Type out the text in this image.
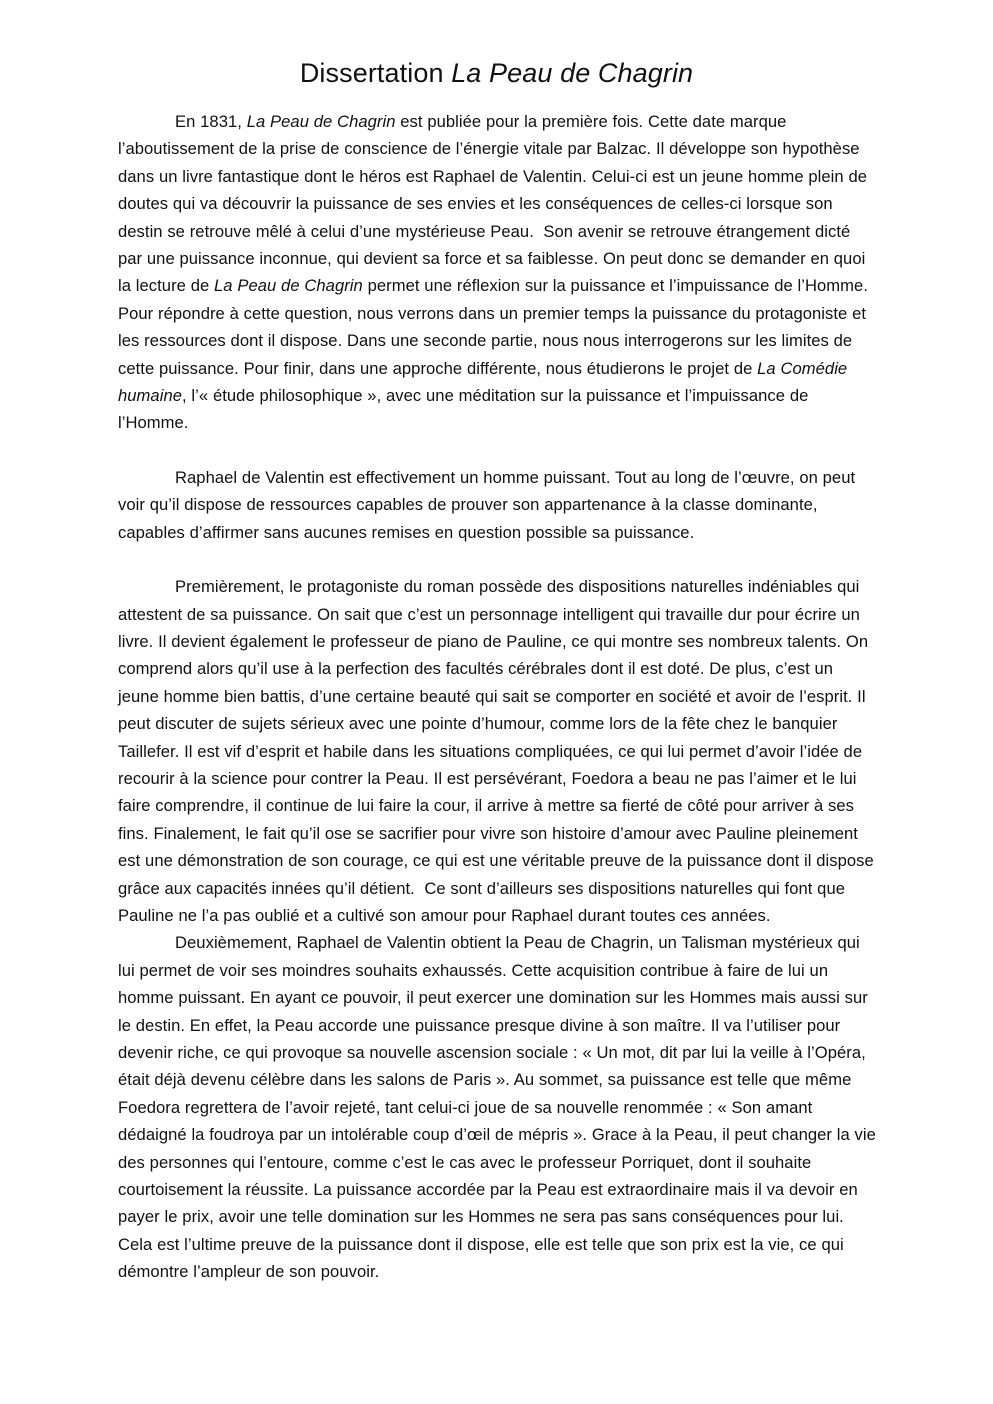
Dissertation La Peau de Chagrin

En 1831, La Peau de Chagrin est publiée pour la première fois. Cette date marque l’aboutissement de la prise de conscience de l’énergie vitale par Balzac. Il développe son hypothèse dans un livre fantastique dont le héros est Raphael de Valentin. Celui-ci est un jeune homme plein de doutes qui va découvrir la puissance de ses envies et les conséquences de celles-ci lorsque son destin se retrouve mêlé à celui d’une mystérieuse Peau.  Son avenir se retrouve étrangement dicté par une puissance inconnue, qui devient sa force et sa faiblesse. On peut donc se demander en quoi la lecture de La Peau de Chagrin permet une réflexion sur la puissance et l’impuissance de l’Homme. Pour répondre à cette question, nous verrons dans un premier temps la puissance du protagoniste et les ressources dont il dispose. Dans une seconde partie, nous nous interrogerons sur les limites de cette puissance. Pour finir, dans une approche différente, nous étudierons le projet de La Comédie humaine, l’« étude philosophique », avec une méditation sur la puissance et l’impuissance de l’Homme.

Raphael de Valentin est effectivement un homme puissant. Tout au long de l’œuvre, on peut voir qu’il dispose de ressources capables de prouver son appartenance à la classe dominante, capables d’affirmer sans aucunes remises en question possible sa puissance.

Premièrement, le protagoniste du roman possède des dispositions naturelles indéniables qui attestent de sa puissance. On sait que c’est un personnage intelligent qui travaille dur pour écrire un livre. Il devient également le professeur de piano de Pauline, ce qui montre ses nombreux talents. On comprend alors qu’il use à la perfection des facultés cérébrales dont il est doté. De plus, c’est un jeune homme bien battis, d’une certaine beauté qui sait se comporter en société et avoir de l’esprit. Il peut discuter de sujets sérieux avec une pointe d’humour, comme lors de la fête chez le banquier Taillefer. Il est vif d’esprit et habile dans les situations compliquées, ce qui lui permet d’avoir l’idée de recourir à la science pour contrer la Peau. Il est persévérant, Foedora a beau ne pas l’aimer et le lui faire comprendre, il continue de lui faire la cour, il arrive à mettre sa fierté de côté pour arriver à ses fins. Finalement, le fait qu’il ose se sacrifier pour vivre son histoire d’amour avec Pauline pleinement est une démonstration de son courage, ce qui est une véritable preuve de la puissance dont il dispose grâce aux capacités innées qu’il détient.  Ce sont d’ailleurs ses dispositions naturelles qui font que Pauline ne l’a pas oublié et a cultivé son amour pour Raphael durant toutes ces années.

Deuxièmement, Raphael de Valentin obtient la Peau de Chagrin, un Talisman mystérieux qui lui permet de voir ses moindres souhaits exhaussés. Cette acquisition contribue à faire de lui un homme puissant. En ayant ce pouvoir, il peut exercer une domination sur les Hommes mais aussi sur le destin. En effet, la Peau accorde une puissance presque divine à son maître. Il va l’utiliser pour devenir riche, ce qui provoque sa nouvelle ascension sociale : « Un mot, dit par lui la veille à l’Opéra, était déjà devenu célèbre dans les salons de Paris ». Au sommet, sa puissance est telle que même Foedora regrettera de l’avoir rejeté, tant celui-ci joue de sa nouvelle renommée : « Son amant dédaigné la foudroya par un intolérable coup d’œil de mépris ». Grace à la Peau, il peut changer la vie des personnes qui l’entoure, comme c’est le cas avec le professeur Porriquet, dont il souhaite courtoisement la réussite. La puissance accordée par la Peau est extraordinaire mais il va devoir en payer le prix, avoir une telle domination sur les Hommes ne sera pas sans conséquences pour lui. Cela est l’ultime preuve de la puissance dont il dispose, elle est telle que son prix est la vie, ce qui démontre l’ampleur de son pouvoir.
